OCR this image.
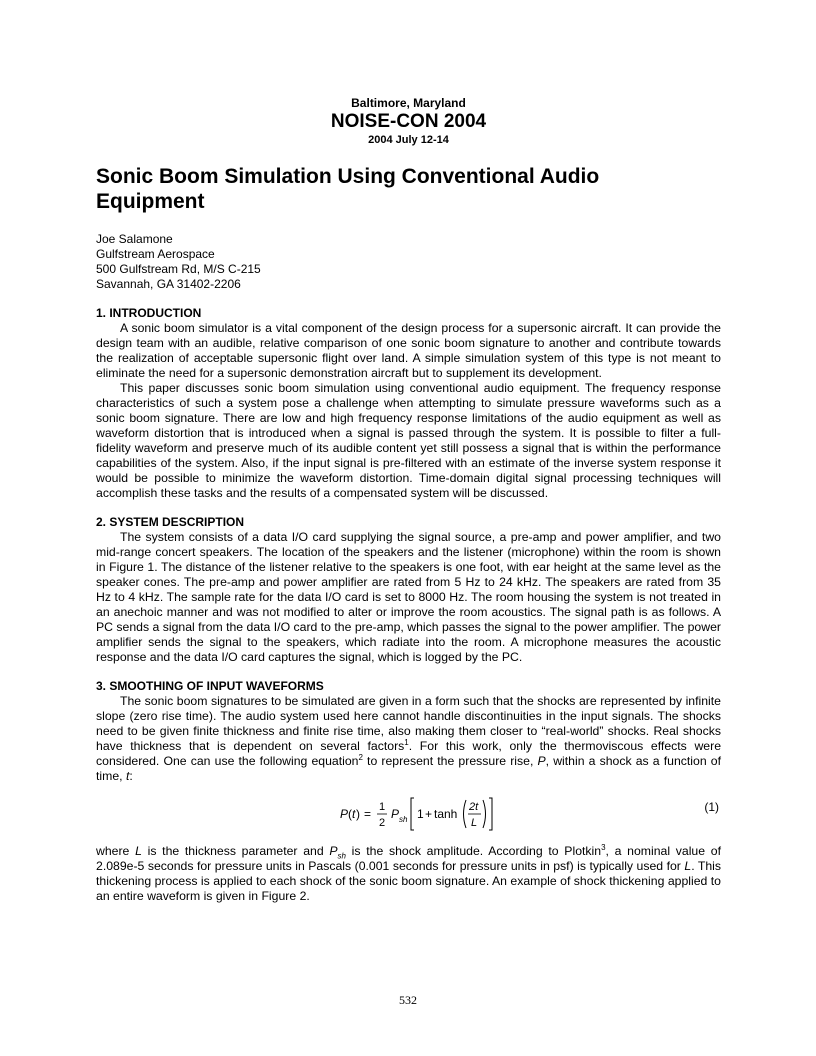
Baltimore, Maryland
NOISE-CON 2004
2004 July 12-14
Sonic Boom Simulation Using Conventional Audio Equipment
Joe Salamone
Gulfstream Aerospace
500 Gulfstream Rd, M/S C-215
Savannah, GA 31402-2206
1. INTRODUCTION

A sonic boom simulator is a vital component of the design process for a supersonic aircraft. It can provide the design team with an audible, relative comparison of one sonic boom signature to another and contribute towards the realization of acceptable supersonic flight over land. A simple simulation system of this type is not meant to eliminate the need for a supersonic demonstration aircraft but to supplement its development.

This paper discusses sonic boom simulation using conventional audio equipment. The frequency response characteristics of such a system pose a challenge when attempting to simulate pressure waveforms such as a sonic boom signature. There are low and high frequency response limitations of the audio equipment as well as waveform distortion that is introduced when a signal is passed through the system. It is possible to filter a full-fidelity waveform and preserve much of its audible content yet still possess a signal that is within the performance capabilities of the system. Also, if the input signal is pre-filtered with an estimate of the inverse system response it would be possible to minimize the waveform distortion. Time-domain digital signal processing techniques will accomplish these tasks and the results of a compensated system will be discussed.

2. SYSTEM DESCRIPTION

The system consists of a data I/O card supplying the signal source, a pre-amp and power amplifier, and two mid-range concert speakers. The location of the speakers and the listener (microphone) within the room is shown in Figure 1. The distance of the listener relative to the speakers is one foot, with ear height at the same level as the speaker cones. The pre-amp and power amplifier are rated from 5 Hz to 24 kHz. The speakers are rated from 35 Hz to 4 kHz. The sample rate for the data I/O card is set to 8000 Hz. The room housing the system is not treated in an anechoic manner and was not modified to alter or improve the room acoustics. The signal path is as follows. A PC sends a signal from the data I/O card to the pre-amp, which passes the signal to the power amplifier. The power amplifier sends the signal to the speakers, which radiate into the room. A microphone measures the acoustic response and the data I/O card captures the signal, which is logged by the PC.

3. SMOOTHING OF INPUT WAVEFORMS

The sonic boom signatures to be simulated are given in a form such that the shocks are represented by infinite slope (zero rise time). The audio system used here cannot handle discontinuities in the input signals. The shocks need to be given finite thickness and finite rise time, also making them closer to “real-world” shocks. Real shocks have thickness that is dependent on several factors$^1$. For this work, only the thermoviscous effects were considered. One can use the following equation$^2$ to represent the pressure rise, P, within a shock as a function of time, t:

P ( t ) = 1
2
P sh 1 + tanh 2t
L
(1)

where L is the thickness parameter and $P_{sh}$ is the shock amplitude. According to Plotkin$^3$, a nominal value of 2.089e-5 seconds for pressure units in Pascals (0.001 seconds for pressure units in psf) is typically used for L. This thickening process is applied to each shock of the sonic boom signature. An example of shock thickening applied to an entire waveform is given in Figure 2.

532
